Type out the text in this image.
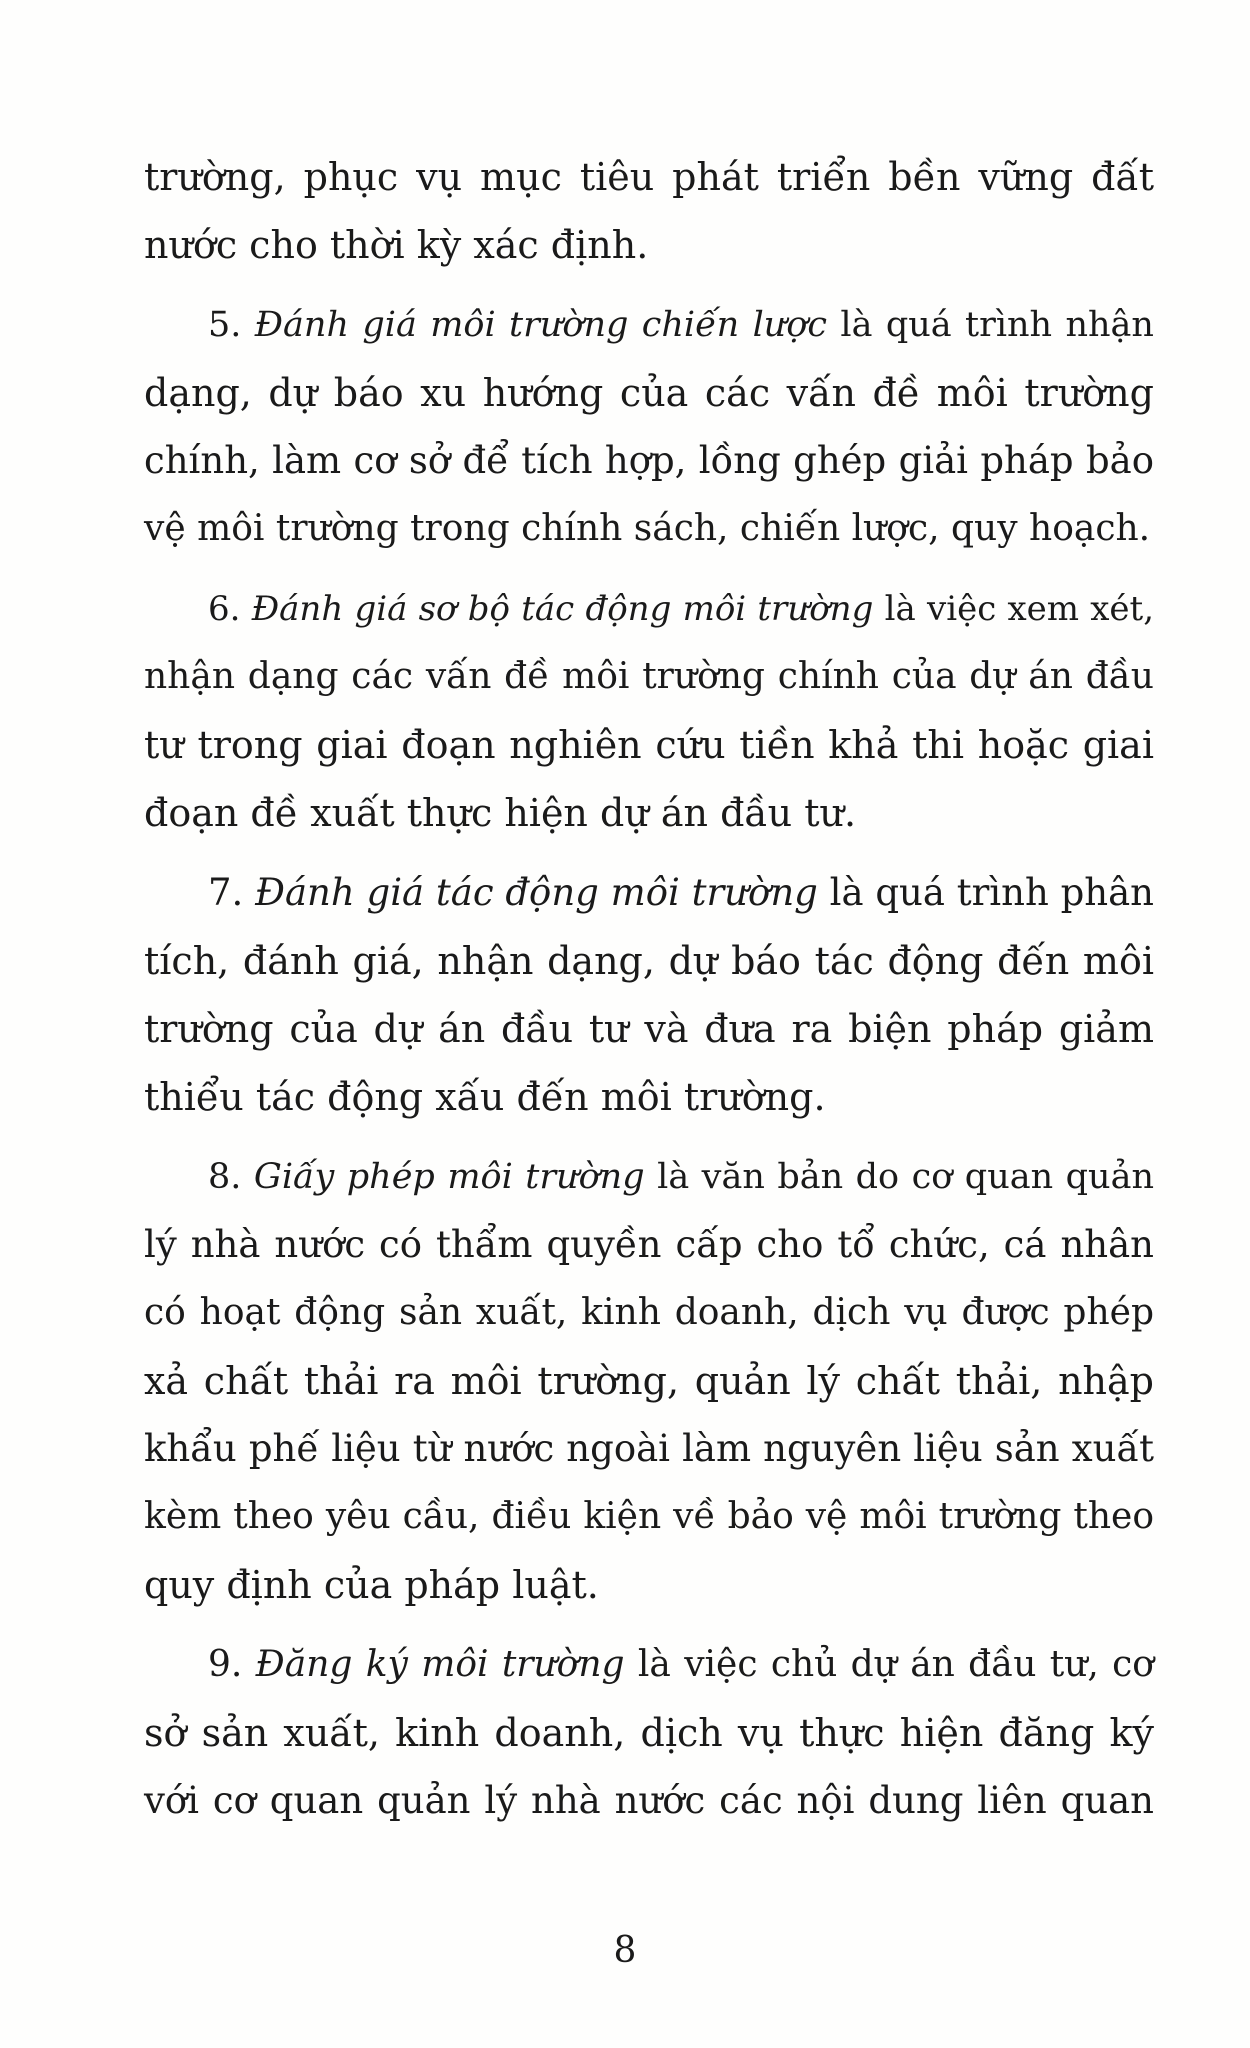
trường, phục vụ mục tiêu phát triển bền vững đất
nước cho thời kỳ xác định.
5. Đánh giá môi trường chiến lược là quá trình nhận
dạng, dự báo xu hướng của các vấn đề môi trường
chính, làm cơ sở để tích hợp, lồng ghép giải pháp bảo
vệ môi trường trong chính sách, chiến lược, quy hoạch.
6. Đánh giá sơ bộ tác động môi trường là việc xem xét,
nhận dạng các vấn đề môi trường chính của dự án đầu
tư trong giai đoạn nghiên cứu tiền khả thi hoặc giai
đoạn đề xuất thực hiện dự án đầu tư.
7. Đánh giá tác động môi trường là quá trình phân
tích, đánh giá, nhận dạng, dự báo tác động đến môi
trường của dự án đầu tư và đưa ra biện pháp giảm
thiểu tác động xấu đến môi trường.
8. Giấy phép môi trường là văn bản do cơ quan quản
lý nhà nước có thẩm quyền cấp cho tổ chức, cá nhân
có hoạt động sản xuất, kinh doanh, dịch vụ được phép
xả chất thải ra môi trường, quản lý chất thải, nhập
khẩu phế liệu từ nước ngoài làm nguyên liệu sản xuất
kèm theo yêu cầu, điều kiện về bảo vệ môi trường theo
quy định của pháp luật.
9. Đăng ký môi trường là việc chủ dự án đầu tư, cơ
sở sản xuất, kinh doanh, dịch vụ thực hiện đăng ký
với cơ quan quản lý nhà nước các nội dung liên quan
8
